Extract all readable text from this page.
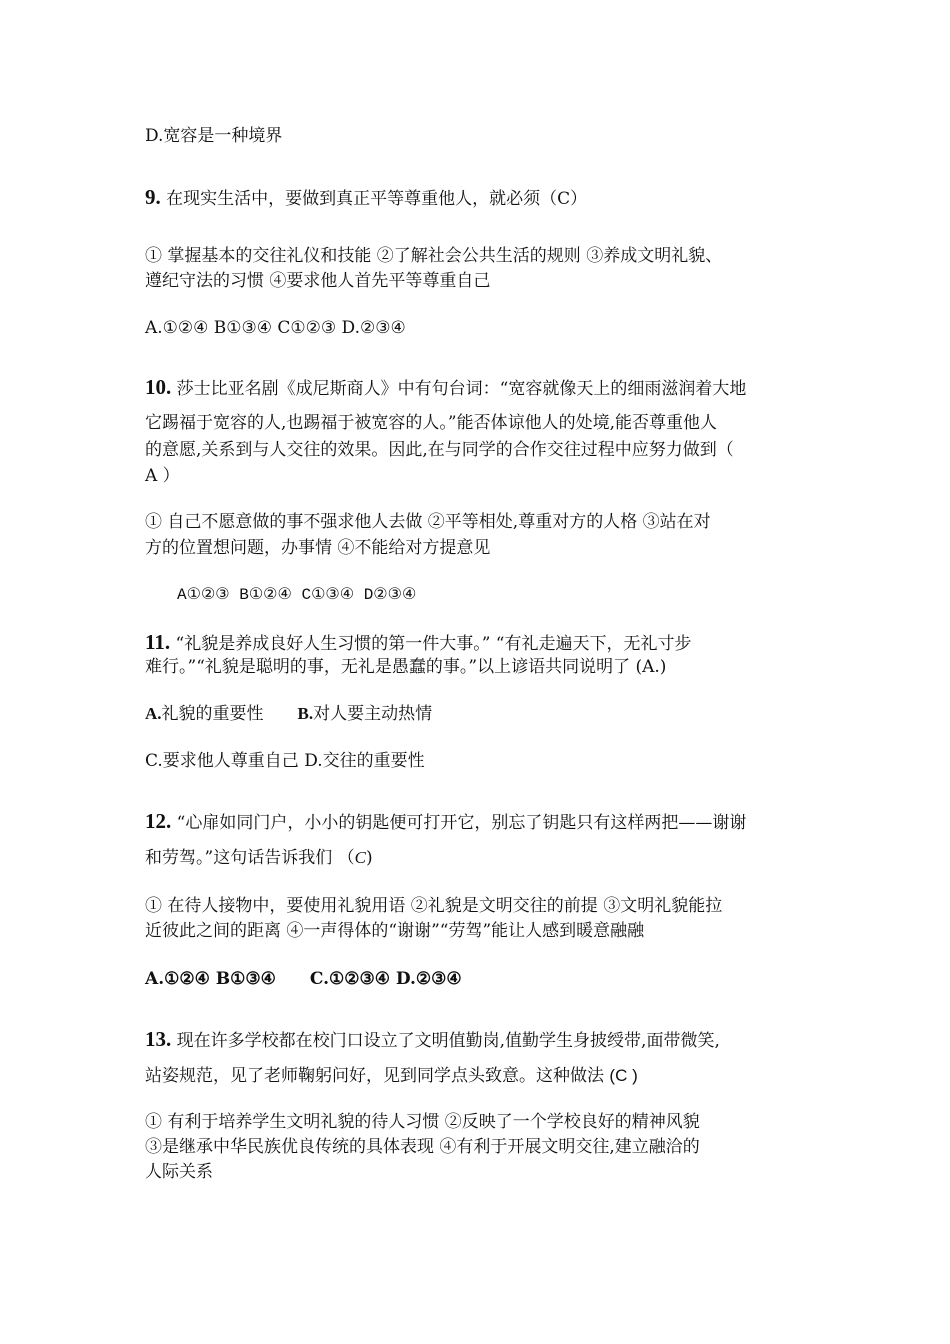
D.宽容是一种境界
9. 在现实生活中，要做到真正平等尊重他人，就必须（C）
① 掌握基本的交往礼仪和技能 ②了解社会公共生活的规则 ③养成文明礼貌、
遵纪守法的习惯 ④要求他人首先平等尊重自己
A.①②④ B①③④ C①②③ D.②③④
10. 莎士比亚名剧《成尼斯商人》中有句台词：“宽容就像天上的细雨滋润着大地
它踢福于宽容的人,也踢福于被宽容的人。”能否体谅他人的处境,能否尊重他人
的意愿,关系到与人交往的效果。因此,在与同学的合作交往过程中应努力做到（
A ）
① 自己不愿意做的事不强求他人去做 ②平等相处,尊重对方的人格 ③站在对
方的位置想问题，办事情 ④不能给对方提意见
A①②③ B①②④ C①③④ D②③④
11. “礼貌是养成良好人生习惯的第一件大事。” “有礼走遍天下，无礼寸步
难行。”“礼貌是聪明的事，无礼是愚蠢的事。”以上谚语共同说明了 (A.)
A.礼貌的重要性 B.对人要主动热情
C.要求他人尊重自己 D.交往的重要性
12. “心扉如同门户，小小的钥匙便可打开它，别忘了钥匙只有这样两把——谢谢
和劳驾。”这句话告诉我们 （C)
① 在待人接物中，要使用礼貌用语 ②礼貌是文明交往的前提 ③文明礼貌能拉
近彼此之间的距离 ④一声得体的“谢谢”“劳驾”能让人感到暖意融融
A.①②④ B①③④ C.①②③④ D.②③④
13. 现在许多学校都在校门口设立了文明值勤岗,值勤学生身披绶带,面带微笑,
站姿规范，见了老师鞠躬问好，见到同学点头致意。这种做法 (C )
① 有利于培养学生文明礼貌的待人习惯 ②反映了一个学校良好的精神风貌
③是继承中华民族优良传统的具体表现 ④有利于开展文明交往,建立融洽的
人际关系
